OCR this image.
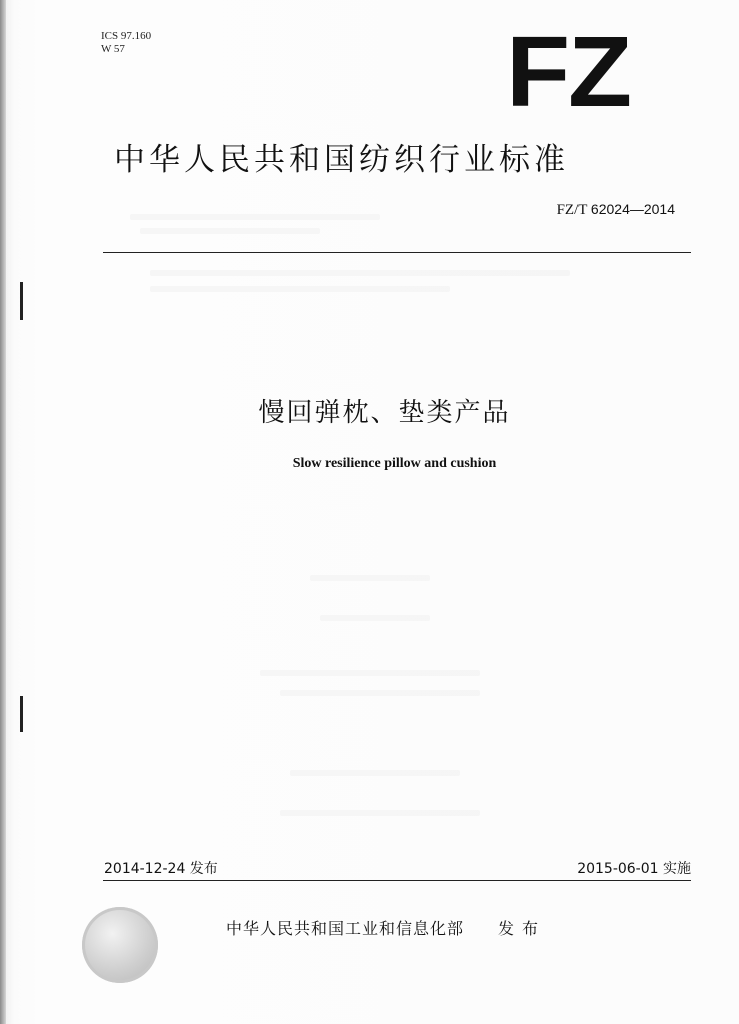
ICS 97.160
W 57	FZ
中华人民共和国纺织行业标准
FZ/T 62024—2014
慢回弹枕、垫类产品
Slow resilience pillow and cushion
2014-12-24 发布	2015-06-01 实施
中华人民共和国工业和信息化部 发布
